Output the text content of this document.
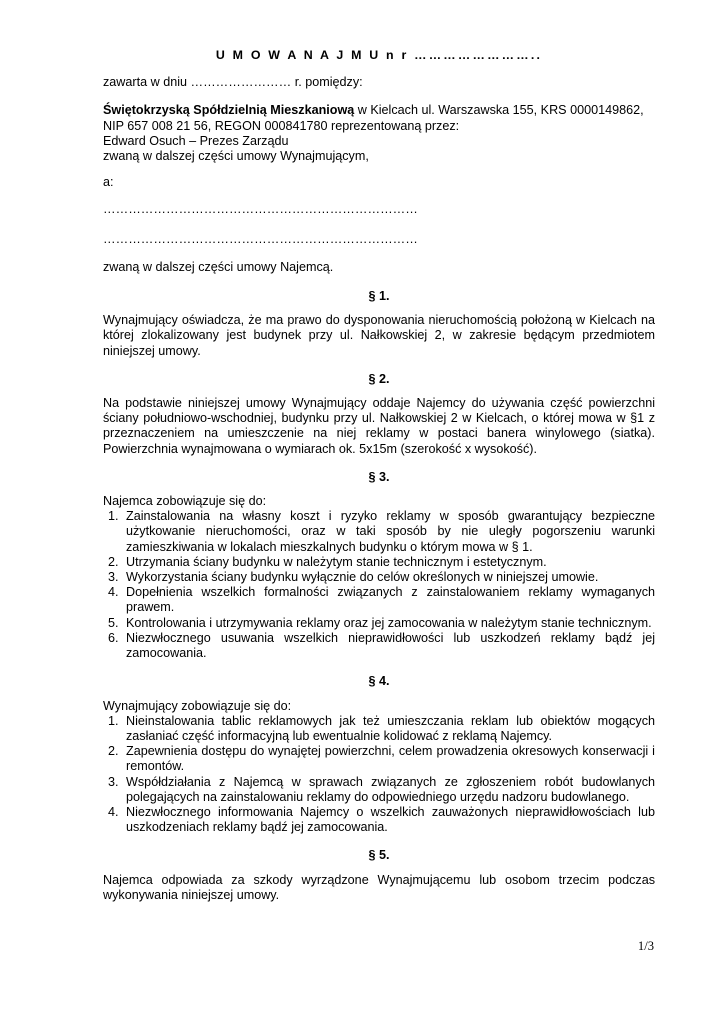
U M O W A N A J M U n r ……………………..

zawarta w dniu …………………… r. pomiędzy:

Świętokrzyską Spółdzielnią Mieszkaniową w Kielcach ul. Warszawska 155, KRS 0000149862,

NIP 657 008 21 56, REGON 000841780 reprezentowaną przez:

Edward Osuch – Prezes Zarządu

zwaną w dalszej części umowy Wynajmującym,

a:

…………………………………………………………………

…………………………………………………………………

zwaną w dalszej części umowy Najemcą.

§ 1.

Wynajmujący oświadcza, że ma prawo do dysponowania nieruchomością położoną w Kielcach na której zlokalizowany jest budynek przy ul. Nałkowskiej 2, w zakresie będącym przedmiotem niniejszej umowy.

§ 2.

Na podstawie niniejszej umowy Wynajmujący oddaje Najemcy do używania część powierzchni ściany południowo-wschodniej, budynku przy ul. Nałkowskiej 2 w Kielcach, o której mowa w §1 z przeznaczeniem na umieszczenie na niej reklamy w postaci banera winylowego (siatka). Powierzchnia wynajmowana o wymiarach ok. 5x15m (szerokość x wysokość).

§ 3.

Najemca zobowiązuje się do:

1. Zainstalowania na własny koszt i ryzyko reklamy w sposób gwarantujący bezpieczne użytkowanie nieruchomości, oraz w taki sposób by nie uległy pogorszeniu warunki zamieszkiwania w lokalach mieszkalnych budynku o którym mowa w § 1.
2. Utrzymania ściany budynku w należytym stanie technicznym i estetycznym.
3. Wykorzystania ściany budynku wyłącznie do celów określonych w niniejszej umowie.
4. Dopełnienia wszelkich formalności związanych z zainstalowaniem reklamy wymaganych prawem.
5. Kontrolowania i utrzymywania reklamy oraz jej zamocowania w należytym stanie technicznym.
6. Niezwłocznego usuwania wszelkich nieprawidłowości lub uszkodzeń reklamy bądź jej zamocowania.

§ 4.

Wynajmujący zobowiązuje się do:

1. Nieinstalowania tablic reklamowych jak też umieszczania reklam lub obiektów mogących zasłaniać część informacyjną lub ewentualnie kolidować z reklamą Najemcy.
2. Zapewnienia dostępu do wynajętej powierzchni, celem prowadzenia okresowych konserwacji i remontów.
3. Współdziałania z Najemcą w sprawach związanych ze zgłoszeniem robót budowlanych polegających na zainstalowaniu reklamy do odpowiedniego urzędu nadzoru budowlanego.
4. Niezwłocznego informowania Najemcy o wszelkich zauważonych nieprawidłowościach lub uszkodzeniach reklamy bądź jej zamocowania.

§ 5.

Najemca odpowiada za szkody wyrządzone Wynajmującemu lub osobom trzecim podczas wykonywania niniejszej umowy.

1/3
